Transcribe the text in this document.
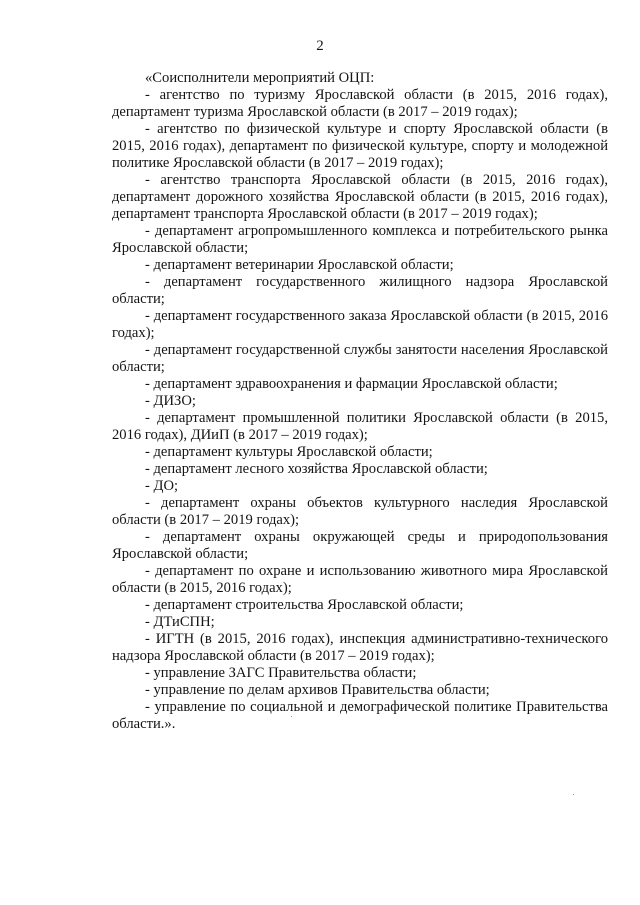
2

«Соисполнители мероприятий ОЦП:

- агентство по туризму Ярославской области (в 2015, 2016 годах), департамент туризма Ярославской области (в 2017 – 2019 годах);

- агентство по физической культуре и спорту Ярославской области (в 2015, 2016 годах), департамент по физической культуре, спорту и молодежной политике Ярославской области (в 2017 – 2019 годах);

- агентство транспорта Ярославской области (в 2015, 2016 годах), департамент дорожного хозяйства Ярославской области (в 2015, 2016 годах), департамент транспорта Ярославской области (в 2017 – 2019 годах);

- департамент агропромышленного комплекса и потребительского рынка Ярославской области;

- департамент ветеринарии Ярославской области;

- департамент государственного жилищного надзора Ярославской области;

- департамент государственного заказа Ярославской области (в 2015, 2016 годах);

- департамент государственной службы занятости населения Ярославской области;

- департамент здравоохранения и фармации Ярославской области;

- ДИЗО;

- департамент промышленной политики Ярославской области (в 2015, 2016 годах), ДИиП (в 2017 – 2019 годах);

- департамент культуры Ярославской области;

- департамент лесного хозяйства Ярославской области;

- ДО;

- департамент охраны объектов культурного наследия Ярославской области (в 2017 – 2019 годах);

- департамент охраны окружающей среды и природопользования Ярославской области;

- департамент по охране и использованию животного мира Ярославской области (в 2015, 2016 годах);

- департамент строительства Ярославской области;

- ДТиСПН;

- ИГТН (в 2015, 2016 годах), инспекция административно-технического надзора Ярославской области (в 2017 – 2019 годах);

- управление ЗАГС Правительства области;

- управление по делам архивов Правительства области;

- управление по социальной и демографической политике Правительства области.».
